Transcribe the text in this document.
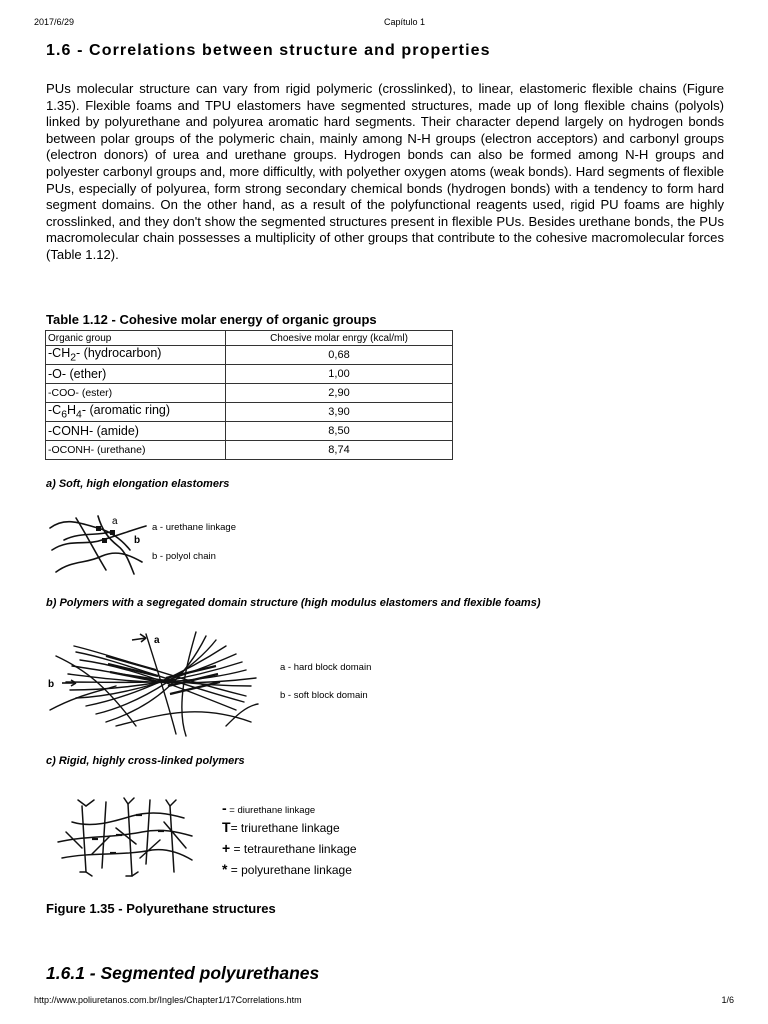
2017/6/29	Capítulo 1
1.6 - Correlations between structure and properties

PUs molecular structure can vary from rigid polymeric (crosslinked), to linear, elastomeric flexible chains (Figure 1.35). Flexible foams and TPU elastomers have segmented structures, made up of long flexible chains (polyols) linked by polyurethane and polyurea aromatic hard segments. Their character depend largely on hydrogen bonds between polar groups of the polymeric chain, mainly among N-H groups (electron acceptors) and carbonyl groups (electron donors) of urea and urethane groups. Hydrogen bonds can also be formed among N-H groups and polyester carbonyl groups and, more difficultly, with polyether oxygen atoms (weak bonds). Hard segments of flexible PUs, especially of polyurea, form strong secondary chemical bonds (hydrogen bonds) with a tendency to form hard segment domains. On the other hand, as a result of the polyfunctional reagents used, rigid PU foams are highly crosslinked, and they don't show the segmented structures present in flexible PUs. Besides urethane bonds, the PUs macromolecular chain possesses a multiplicity of other groups that contribute to the cohesive macromolecular forces (Table 1.12).

Table 1.12 - Cohesive molar energy of organic groups

Organic group	Choesive molar enrgy (kcal/ml)
$-CH_2-$ (hydrocarbon)	0,68
-O- (ether)	1,00
-COO- (ester)	2,90
$-C_6H_4-$ (aromatic ring)	3,90
-CONH- (amide)	8,50
-OCONH- (urethane)	8,74

a) Soft, high elongation elastomers

a
b
a - urethane linkage
b - polyol chain

b) Polymers with a segregated domain structure (high modulus elastomers and flexible foams)

a
b
a - hard block domain
b - soft block domain

c) Rigid, highly cross-linked polymers

- = diurethane linkage
T= triurethane linkage
+ = tetraurethane linkage
* = polyurethane linkage

Figure 1.35 - Polyurethane structures

1.6.1 - Segmented polyurethanes
http://www.poliuretanos.com.br/Ingles/Chapter1/17Correlations.htm	1/6
